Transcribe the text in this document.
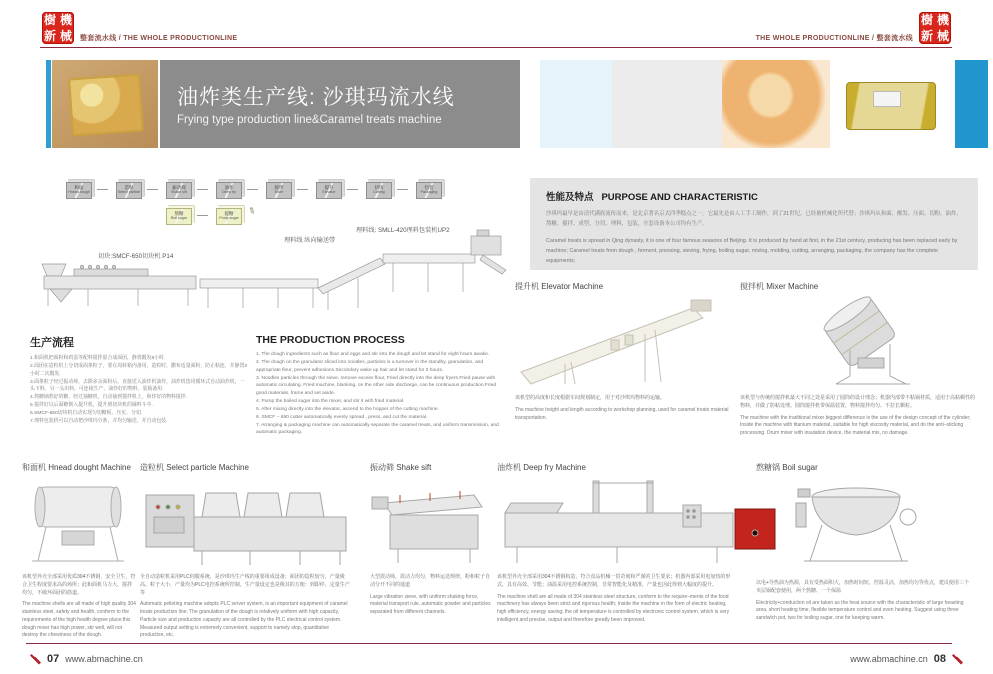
樹 機
新 械 整套流水线 / THE WHOLE PRODUCTIONLINE	THE WHOLE PRODUCTIONLINE / 整套流水线
樹 機
新 械
油炸类生产线: 沙琪玛流水线
Frying type production line&Caramel treats machine
和面
Hnead dough
造粒
Select particle
振动筛
Shake sift
油炸
Deep fry
搅拌
Mixer
提升
Elevator
切块
Cutting
包装
Packaging
熬糖
Boil sugar
提糖
Pump sugar
✎
理料线: SMLL-420理料包装机UP2
理料线 纵向输送带
切块:SMCF-650切块机 P14
生产流程
1.和面机把面粉和鸡蛋等配料搅拌混合成面团，静置醒发8小时.
2.面团在造粒机上分切成面条粒子，要在周转箱内备用，造粒时，撒布适量面粉，防止粘连，并静置2小时二次醒发.
3.面条粒子经过振动筛，去除多余面粉后，直接送入油炸机油炸，油炸机选用循环式自动油炸机，一头下料，另一头出料，可连续生产，油炸好的物料，装箱备用.
4.熬糖锅熬好的糖，经过抽糖机，自动抽到搅拌机上，和炸好的物料搅拌.
5.搅拌好以后面糖倒入提升机，提升到切块机的铺料斗中.
6.SMCF-650切块机自动实现匀切糖板，压实，分切.
7.理料包装机可以自动把沙琪玛分条，并均匀输送，并自动包装.
THE PRODUCTION PROCESS
1. The dough ingredients such as flour and eggs and stir into the dough and let stand for eight hours awake.
2. The dough on the granulator sliced into noodles, particles is a turnover in the standby, granulation, and appropriate flour, prevent adhesions.Secondary wake up hair and let stand for 2 hours.
3. Noodles particles through the sieve, remove excess flour, Fried directly into the deep fryers.Fried pause with automatic circulating. Fried machine, blanking, on the other side discharge, can be continuous production.Fried good materials, frame and set aside.
4. Pump the boiled sugar into the mixer, and stir it with fried material.
5. After mixing directly into the elevator, ascend to the hopper of the cutting machine.
6. SMCF – 650 cutter automatically evenly spread , press, and cut the material.
7. Arranging & packaging machine can automatically separate the caramel treats, and uniform transmission, and automatic packaging.
性能及特点 PURPOSE AND CHARACTERISTIC

沙琪玛最早是由清代满族流传而来，是北京著名京式四季糕点之一。它最先是由人工手工制作，到了21世纪，已经被机械化所代替；沙琪玛从和面、醒发、压面、切粉、油炸、熬糖、搅拌、成型、分切、理料、包装，全套设备本公司均有生产。

Caramel treats is spread in Qing dynasty, it is one of four famous seasons of Beijing. It is produced by hand at first, in the 21st century, producing has been replaced early by machine; Caramel treats from dough , ferment, pressing, sieving, frying, boiling sugar, mixing, molding, cutting, arranging, packaging, the company has the complete equipments;

提升机 Elevator Machine

该机型的高度和长度根据车间规划制定，用于对沙琪玛物料的运输。

The machine height and length according to workshop planning, used for caramel treats material transportation.

搅拌机 Mixer Machine

该机型与传统的搅拌机最大不同之处是采用了圆筒的设计理念；机器内部带不粘锅材质，适用于高粘稠性的物料，并做了防粘处理。圆筒搅拌机带保温装置，物料搅拌均匀、不拉长颗粒。

The machine with the traditional mixer biggest difference is the use of the design concept of the cylinder; Inside the machine with titanium material, suitable for high viscosity material, and do the anti–sticking processing. Drum mixer with insulation device, the material mix, no damage.

和面机 Hnead dought Machine

该机型外壳全部采用优质304不锈钢，安全卫生，符合卫生程度要求高的场所；此和面机马力大、搅拌均匀，不破坏面团的筋道。

The machine shells are all made of high quality 304 stainless steel, safety and health, conform to the requirements of the high health degree place;this dough mixer has high power, stir well, will not destroy the chewiness of the dough.

造粒机 Select particle Machine

全自动造粒机采用PLC伺服系统，是沙琪玛生产线的重要组成设备；面团的造粒较匀，产量极高。粒子大小、产量均为PLC电控系统所控制。生产量设定也是极其的方便：到即停、定量生产等

Automatic pelleting machine adopts PLC server system, is an important equipment of caramel treats production line; The granulation of the dough is relatively uniform with high capacity, Particle size and production capacity are all controlled by the PLC electrical control system. Measured output setting is extremely convenient, support to namely stop, quantitative production, etc.

振动筛 Shake sift

大型震动筛，震动力均匀，物料运送规律，粉和粒子自动分开不同的通道

Large vibration sieve, with uniform shaking force, material transport rule, automatic powder and particles separated from different channels.

油炸机 Deep fry Machine

该机型外壳全部采用304不锈钢构造，符合食品机械一贯苛刻和严谨的卫生要求；机器内部采用电加热的形式，具有高效、节能；油温采用电控系统控制，非常智能化及精准，产量也因此得到大幅度的提升。

The machine shell are all made of 304 stainless steel structure, conform to the require–ments of the food machinery has always been strict and rigorous health; Inside the machine in the form of electric heating, high efficiency, energy saving; the oil temperature is controlled by electronic control system, which is very intelligent and precise, output and therefore greatly been improved.

熬糖锅 Boil sugar

以电+导热油为热源，具有受热面积大，加热时间短，控温灵活，加热均匀等优点，建议使用三个夹层锅配套使用，两个熬糖、一个保温

Electricity+conduction oil are taken as the heat source with the characteristic of large heasting area, short heating time, flexible temperature control and even heating. Suggest using three sandwich pot, two for boiling sugar, one for keeping warm.

07 www.abmachine.cn	www.abmachine.cn 08
